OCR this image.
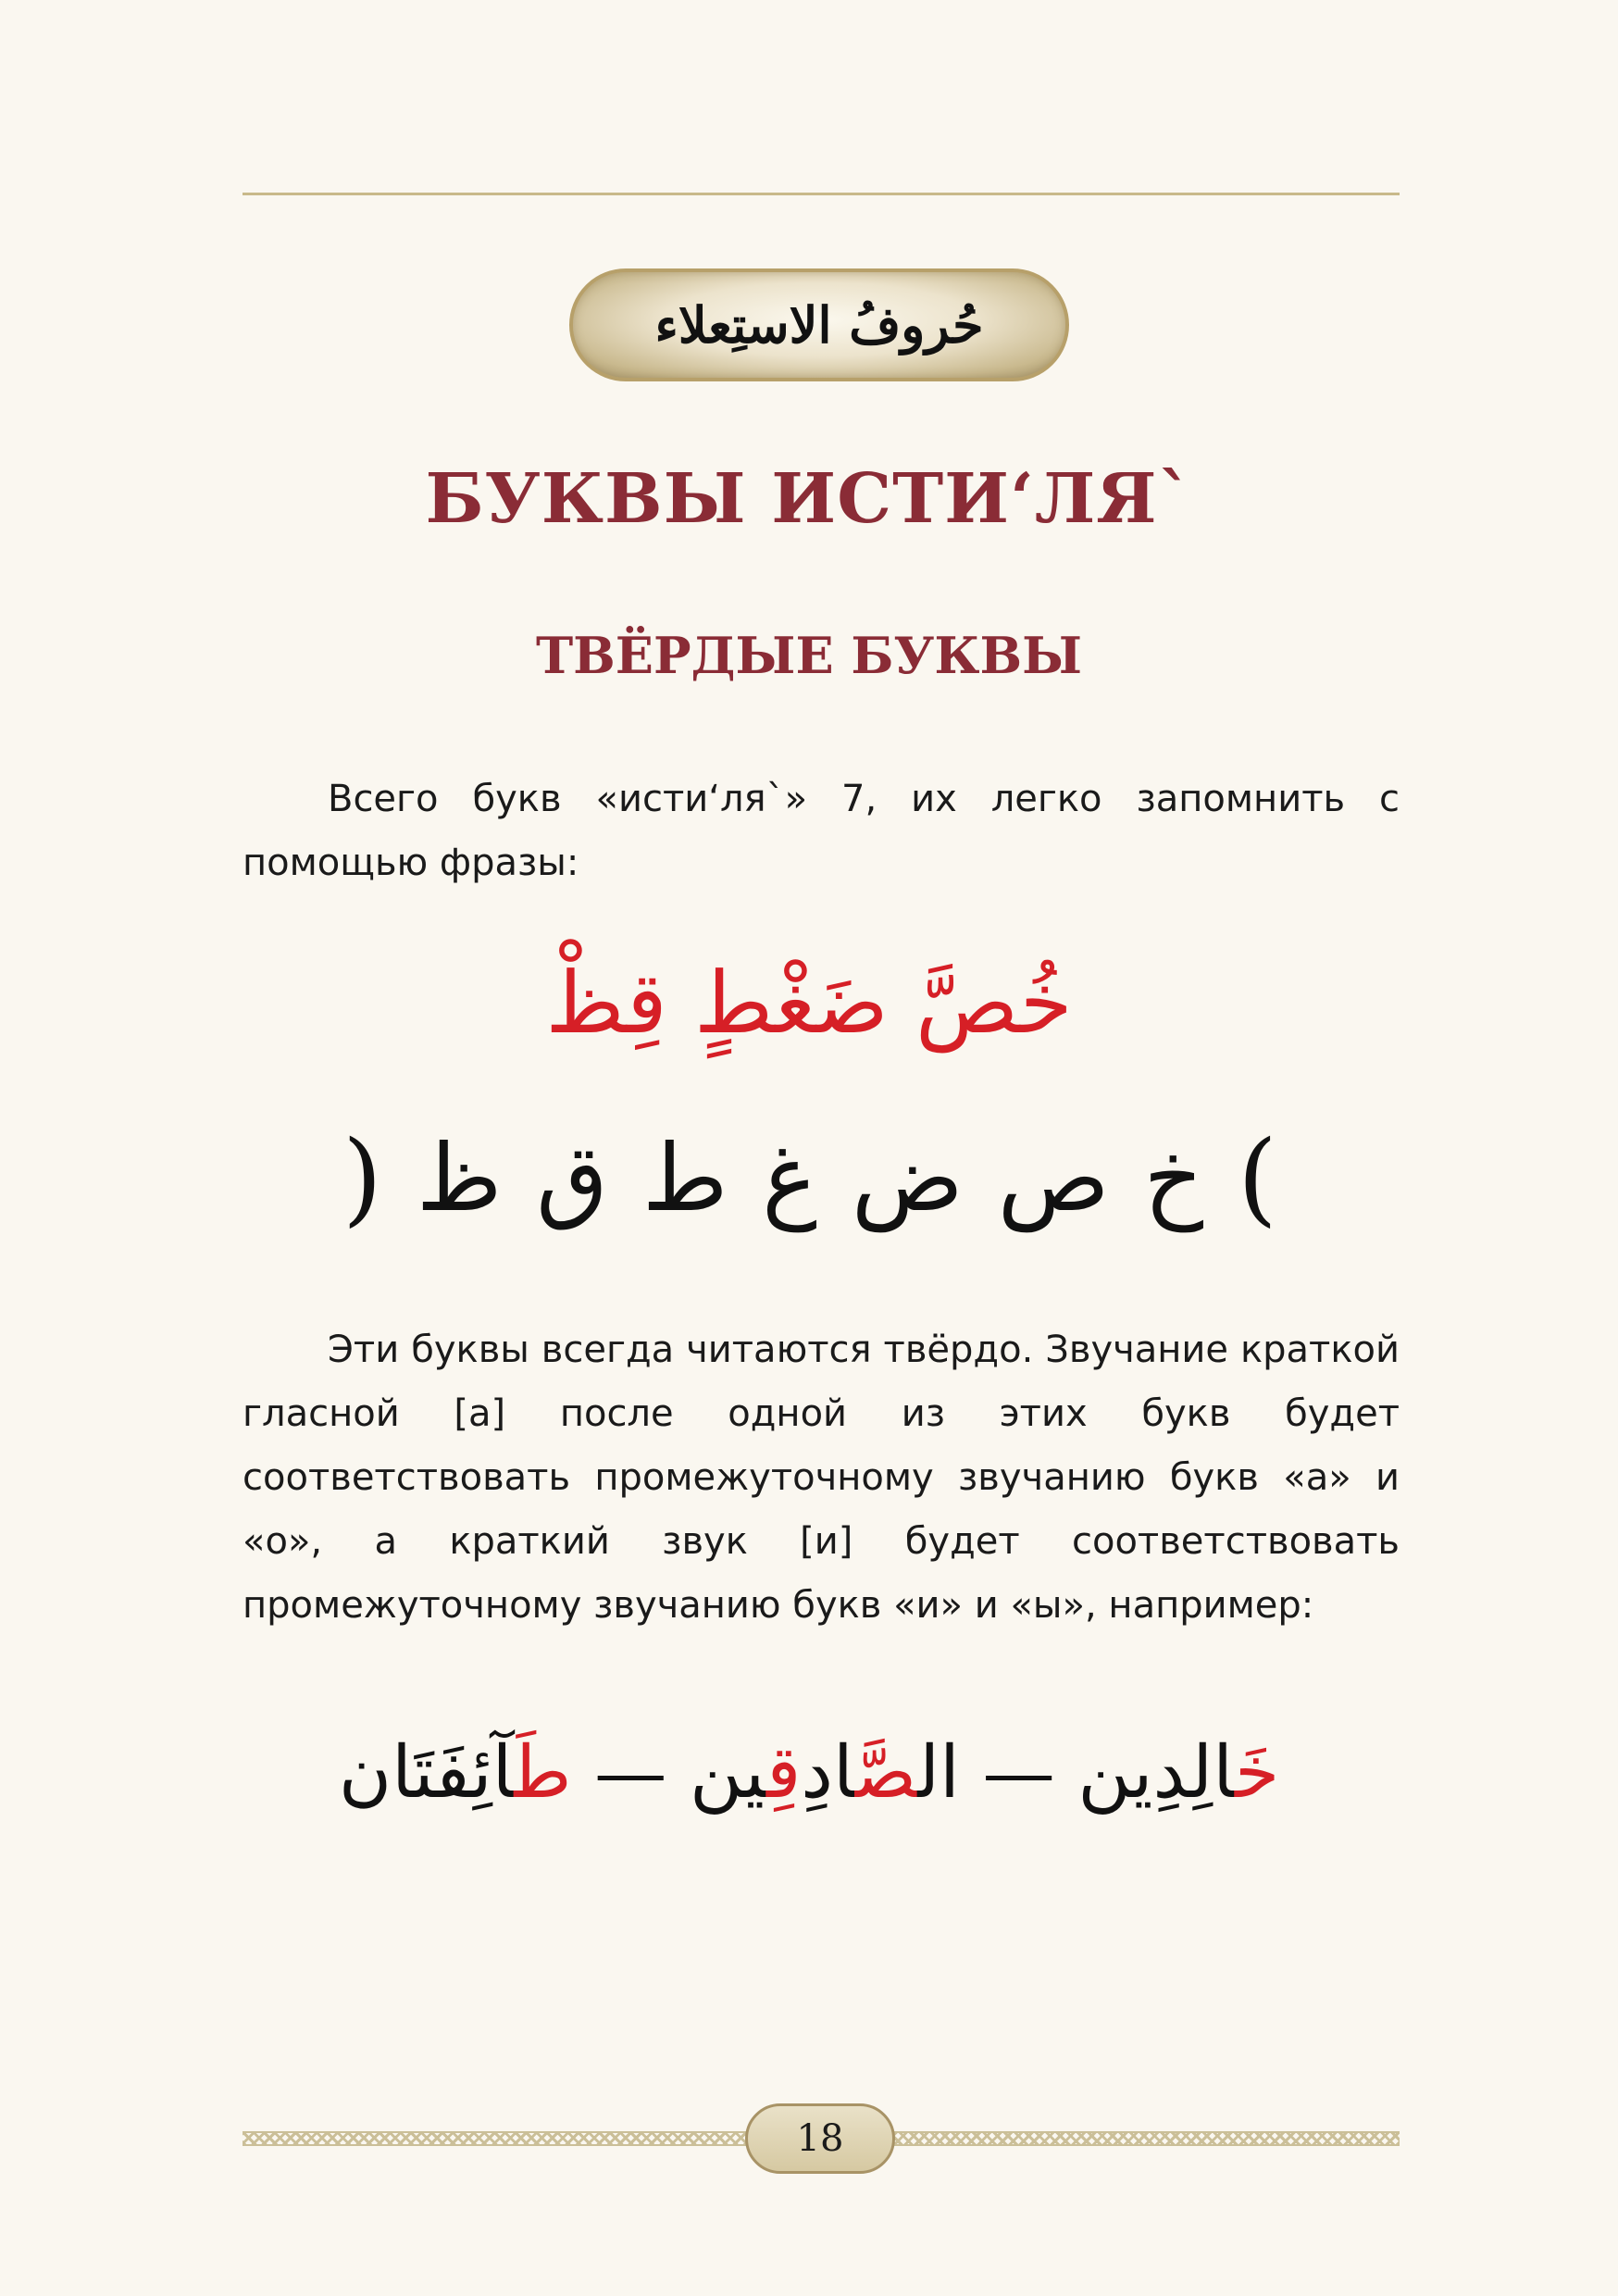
حُروفُ الاستِعلاء
БУКВЫ ИСТИʻЛЯ`
ТВЁРДЫЕ БУКВЫ
Всего букв «истиʻля`» 7, их легко запомнить с помощью фразы:
خُصَّ ضَغْطٍ قِظْ
(
خ
ص
ض
غ
ط
ق
ظ
)
Эти буквы всегда читаются твёрдо. Звучание краткой гласной [а] после одной из этих букв будет соответствовать промежуточному звучанию букв «а» и «о», а краткий звук [и] будет соответствовать промежуточному звучанию букв «и» и «ы», например:
خَالِدِين — الصَّادِقِين — طَآئِفَتَان
18
